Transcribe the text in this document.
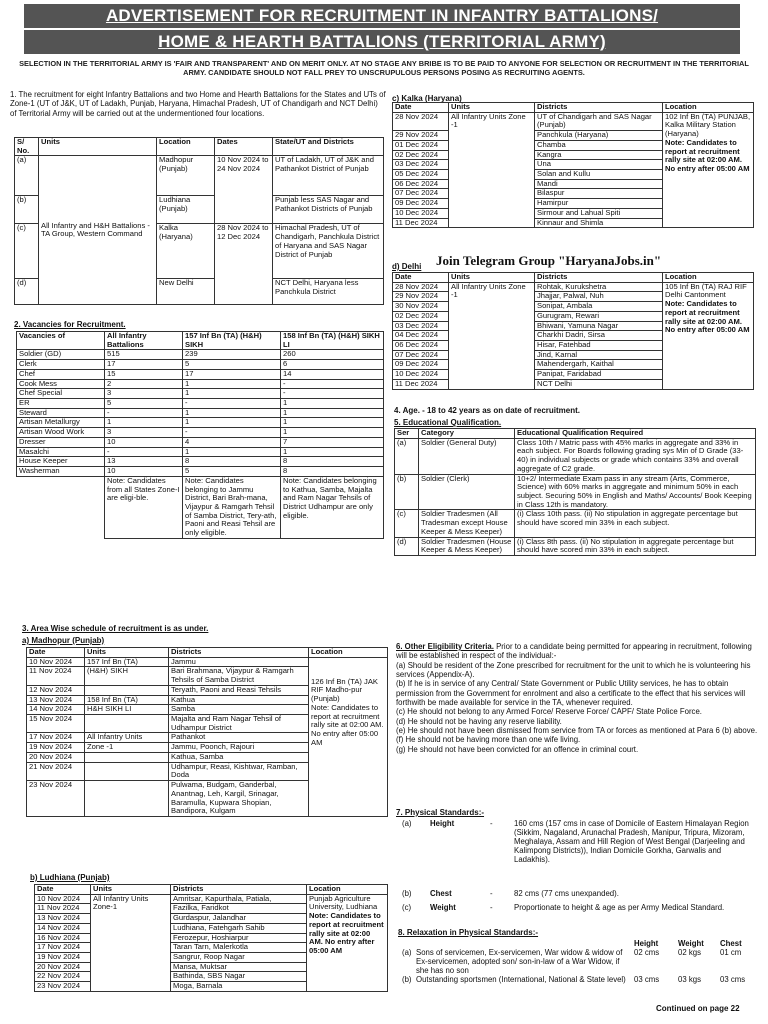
ADVERTISEMENT FOR RECRUITMENT IN INFANTRY BATTALIONS/
HOME & HEARTH BATTALIONS (TERRITORIAL ARMY)
SELECTION IN THE TERRITORIAL ARMY IS 'FAIR AND TRANSPARENT' AND ON MERIT ONLY. AT NO STAGE ANY BRIBE IS TO BE PAID TO ANYONE FOR SELECTION OR RECRUITMENT IN THE TERRITORIAL ARMY. CANDIDATE SHOULD NOT FALL PREY TO UNSCRUPULOUS PERSONS POSING AS RECRUITING AGENTS.
1. The recruitment for eight Infantry Battalions and two Home and Hearth Battalions for the States and UTs of Zone-1 (UT of J&K, UT of Ladakh, Punjab, Haryana, Himachal Pradesh, UT of Chandigarh and NCT Delhi) of Territorial Army will be carried out at the undermentioned four locations.
S/ No.	Units	Location	Dates	State/UT and Districts
(a)	All Infantry and H&H Battalions - TA Group, Western Command	Madhopur (Punjab)	10 Nov 2024 to 24 Nov 2024	UT of Ladakh, UT of J&K and Pathankot District of Punjab
(b)		Ludhiana (Punjab)		Punjab less SAS Nagar and Pathankot Districts of Punjab
(c)		Kalka (Haryana)	28 Nov 2024 to 12 Dec 2024	Himachal Pradesh, UT of Chandigarh, Panchkula District of Haryana and SAS Nagar District of Punjab
(d)		New Delhi		NCT Delhi, Haryana less Panchkula District
2. Vacancies for Recruitment.
Vacancies of	All Infantry Battalions	157 Inf Bn (TA) (H&H) SIKH	158 Inf Bn (TA) (H&H) SIKH LI
Soldier (GD)	515	239	260
Clerk	17	5	6
Chef	15	17	14
Cook Mess	2	1	-
Chef Special	3	1	-
ER	5	-	1
Steward	-	1	1
Artisan Metallurgy	1	1	1
Artisan Wood Work	3	-	1
Dresser	10	4	7
Masalchi	-	1	1
House Keeper	13	8	8
Washerman	10	5	8
	Note: Candidates from all States Zone-I are eligi-ble.	Note: Candidates belonging to Jammu District, Bari Brah-mana, Vijaypur & Ramgarh Tehsil of Samba District, Tery-ath, Paoni and Reasi Tehsil are only eligible.	Note: Candidates belonging to Kathua, Samba, Majalta and Ram Nagar Tehsils of District Udhampur are only eligible.
3. Area Wise schedule of recruitment is as under.
a) Madhopur (Punjab)
Date	Units	Districts	Location
10 Nov 2024	157 Inf Bn (TA)	Jammu	126 Inf Bn (TA) JAK RIF Madho-pur (Punjab)
Note: Candidates to report at recruitment rally site at 02:00 AM. No entry after 05:00 AM

11 Nov 2024	(H&H) SIKH	Bari Brahmana, Vijaypur & Ramgarh Tehsils of Samba District	
12 Nov 2024		Teryath, Paoni and Reasi Tehsils	
13 Nov 2024	158 Inf Bn (TA)	Kathua	
14 Nov 2024	H&H SIKH LI	Samba	
15 Nov 2024		Majalta and Ram Nagar Tehsil of Udhampur District	
17 Nov 2024	All Infantry Units	Pathankot	
19 Nov 2024	Zone -1	Jammu, Poonch, Rajouri	
20 Nov 2024		Kathua, Samba	
21 Nov 2024		Udhampur, Reasi, Kishtwar, Ramban, Doda	
23 Nov 2024		Pulwama, Budgam, Ganderbal, Anantnag, Leh, Kargil, Srinagar, Baramulla, Kupwara Shopian, Bandipora, Kulgam	
b) Ludhiana (Punjab)
Date	Units	Districts	Location
10 Nov 2024	All Infantry Units Zone-1	Amritsar, Kapurthala, Patiala,	Punjab Agriculture University, Ludhiana
Note: Candidates to report at recruitment rally site at 02:00 AM. No entry after 05:00 AM

11 Nov 2024		Fazilka, Faridkot	
13 Nov 2024		Gurdaspur, Jalandhar	
14 Nov 2024		Ludhiana, Fatehgarh Sahib	
16 Nov 2024		Ferozepur, Hoshiarpur	
17 Nov 2024		Taran Tarn, Malerkotla	
19 Nov 2024		Sangrur, Roop Nagar	
20 Nov 2024		Mansa, Muktsar	
22 Nov 2024		Bathinda, SBS Nagar	
23 Nov 2024		Moga, Barnala	
c) Kalka (Haryana)
Date	Units	Districts	Location
28 Nov 2024	All Infantry Units Zone -1	UT of Chandigarh and SAS Nagar (Punjab)	102 Inf Bn (TA) PUNJAB, Kalka Military Station (Haryana)
Note: Candidates to report at recruitment rally site at 02:00 AM. No entry after 05:00 AM

29 Nov 2024		Panchkula (Haryana)	
01 Dec 2024		Chamba	
02 Dec 2024		Kangra	
03 Dec 2024		Una	
05 Dec 2024		Solan and Kullu	
06 Dec 2024		Mandi	
07 Dec 2024		Bilaspur	
09 Dec 2024		Hamirpur	
10 Dec 2024		Sirmour and Lahual Spiti	
11 Dec 2024		Kinnaur and Shimla	
d) Delhi Join Telegram Group "HaryanaJobs.in"
Date	Units	Districts	Location
28 Nov 2024	All Infantry Units Zone -1	Rohtak, Kurukshetra	105 Inf Bn (TA) RAJ RIF Delhi Cantonment
Note: Candidates to report at recruitment rally site at 02:00 AM. No entry after 05:00 AM

29 Nov 2024		Jhajjar, Palwal, Nuh	
30 Nov 2024		Sonipat, Ambala	
02 Dec 2024		Gurugram, Rewari	
03 Dec 2024		Bhiwani, Yamuna Nagar	
04 Dec 2024		Charkhi Dadri, Sirsa	
06 Dec 2024		Hisar, Fatehbad	
07 Dec 2024		Jind, Karnal	
09 Dec 2024		Mahendergarh, Kaithal	
10 Dec 2024		Panipat, Faridabad	
11 Dec 2024		NCT Delhi	
4. Age. - 18 to 42 years as on date of recruitment.
5. Educational Qualification.
Ser	Category	Educational Qualification Required
(a)	Soldier (General Duty)	Class 10th / Matric pass with 45% marks in aggregate and 33% in each subject. For Boards following grading sys Min of D Grade (33-40) in individual subjects or grade which contains 33% and overall aggregate of C2 grade.
(b)	Soldier (Clerk)	10+2/ Intermediate Exam pass in any stream (Arts, Commerce, Science) with 60% marks in aggregate and minimum 50% in each subject. Securing 50% in English and Maths/ Accounts/ Book Keeping in Class 12th is mandatory.
(c)	Soldier Tradesmen (All Tradesman except House Keeper & Mess Keeper)	(i) Class 10th pass. (ii) No stipulation in aggregate percentage but should have scored min 33% in each subject.
(d)	Soldier Tradesmen (House Keeper & Mess Keeper)	(i) Class 8th pass. (ii) No stipulation in aggregate percentage but should have scored min 33% in each subject.
6. Other Eligibility Criteria. Prior to a candidate being permitted for appearing in recruitment, following will be established in respect of the individual:-
(a) Should be resident of the Zone prescribed for recruitment for the unit to which he is volunteering his services (Appendix-A).
(b) If he is in service of any Central/ State Government or Public Utility services, he has to obtain permission from the Government for enrolment and also a certificate to the effect that his services will forthwith be made available for service in the TA, whenever required.
(c) He should not belong to any Armed Force/ Reserve Force/ CAPF/ State Police Force.
(d) He should not be having any reserve liability.
(e) He should not have been dismissed from service from TA or forces as mentioned at Para 6 (b) above.
(f) He should not be having more than one wife living.
(g) He should not have been convicted for an offence in criminal court.
7. Physical Standards:-
(a)	Height	-	160 cms (157 cms in case of Domicile of Eastern Himalayan Region (Sikkim, Nagaland, Arunachal Pradesh, Manipur, Tripura, Mizoram, Meghalaya, Assam and Hill Region of West Bengal (Darjeeling and Kalimpong Districts)), Indian Domicile Gorkha, Garwalis and Ladakhis).
(b)	Chest	-	82 cms (77 cms unexpanded).
(c)	Weight	-	Proportionate to height & age as per Army Medical Standard.
8. Relaxation in Physical Standards:-
		Height	Weight	Chest
(a)	Sons of servicemen, Ex-servicemen, War widow & widow of Ex-servicemen, adopted son/ son-in-law of a War Widow, if she has no son	02 cms	02 kgs	01 cm
(b)	Outstanding sportsmen (International, National & State level)	03 cms	03 kgs	03 cms
Continued on page 22
